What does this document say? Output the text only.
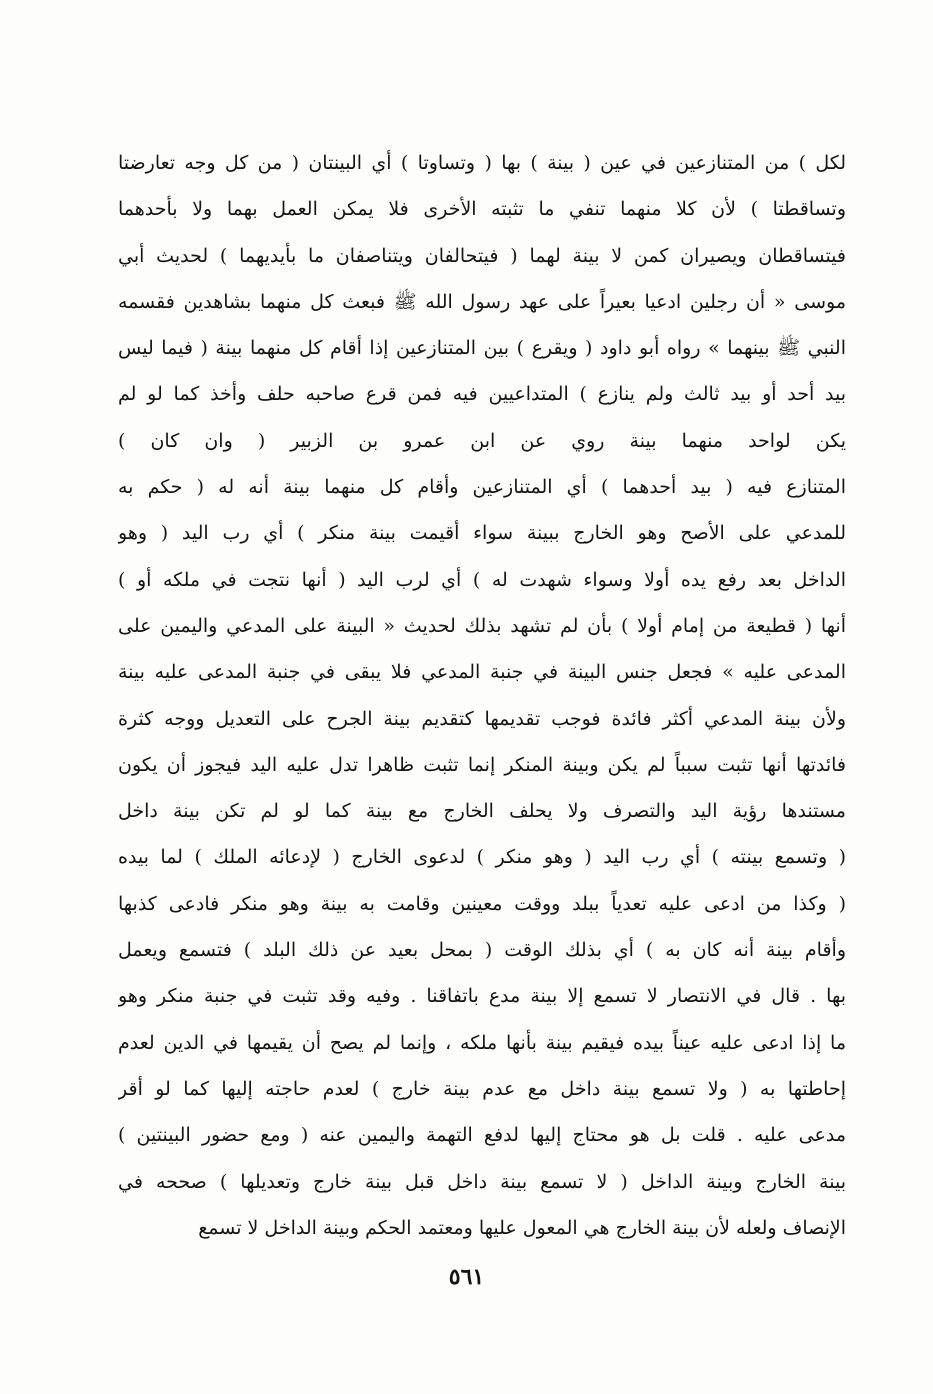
لكل ) من المتنازعين في عين ( بينة ) بها ( وتساوتا ) أي البينتان ( من كل وجه تعارضتا
وتساقطتا ) لأن كلا منهما تنفي ما تثبته الأخرى فلا يمكن العمل بهما ولا بأحدهما
فيتساقطان ويصيران كمن لا بينة لهما ( فيتحالفان ويتناصفان ما بأيديهما ) لحديث أبي
موسى « أن رجلين ادعيا بعيراً على عهد رسول الله ﷺ فبعث كل منهما بشاهدين فقسمه
النبي ﷺ بينهما » رواه أبو داود ( ويقرع ) بين المتنازعين إذا أقام كل منهما بينة ( فيما ليس
بيد أحد أو بيد ثالث ولم ينازع ) المتداعيين فيه فمن قرع صاحبه حلف وأخذ كما لو لم
يكن لواحد منهما بينة روي عن ابن عمرو بن الزبير ( وان كان )
المتنازع فيه ( بيد أحدهما ) أي المتنازعين وأقام كل منهما بينة أنه له ( حكم به
للمدعي على الأصح وهو الخارج ببينة سواء أقيمت بينة منكر ) أي رب اليد ( وهو
الداخل بعد رفع يده أولا وسواء شهدت له ) أي لرب اليد ( أنها نتجت في ملكه أو )
أنها ( قطيعة من إمام أولا ) بأن لم تشهد بذلك لحديث « البينة على المدعي واليمين على
المدعى عليه » فجعل جنس البينة في جنبة المدعي فلا يبقى في جنبة المدعى عليه بينة
ولأن بينة المدعي أكثر فائدة فوجب تقديمها كتقديم بينة الجرح على التعديل ووجه كثرة
فائدتها أنها تثبت سبباً لم يكن وبينة المنكر إنما تثبت ظاهرا تدل عليه اليد فيجوز أن يكون
مستندها رؤية اليد والتصرف ولا يحلف الخارج مع بينة كما لو لم تكن بينة داخل
( وتسمع بينته ) أي رب اليد ( وهو منكر ) لدعوى الخارج ( لإدعائه الملك ) لما بيده
( وكذا من ادعى عليه تعدياً ببلد ووقت معينين وقامت به بينة وهو منكر فادعى كذبها
وأقام بينة أنه كان به ) أي بذلك الوقت ( بمحل بعيد عن ذلك البلد ) فتسمع ويعمل
بها . قال في الانتصار لا تسمع إلا بينة مدع باتفاقنا . وفيه وقد تثبت في جنبة منكر وهو
ما إذا ادعى عليه عيناً بيده فيقيم بينة بأنها ملكه ، وإنما لم يصح أن يقيمها في الدين لعدم
إحاطتها به ( ولا تسمع بينة داخل مع عدم بينة خارج ) لعدم حاجته إليها كما لو أقر
مدعى عليه . قلت بل هو محتاج إليها لدفع التهمة واليمين عنه ( ومع حضور البينتين )
بينة الخارج وبينة الداخل ( لا تسمع بينة داخل قبل بينة خارج وتعديلها ) صححه في
الإنصاف ولعله لأن بينة الخارج هي المعول عليها ومعتمد الحكم وبينة الداخل لا تسمع
٥٦١
